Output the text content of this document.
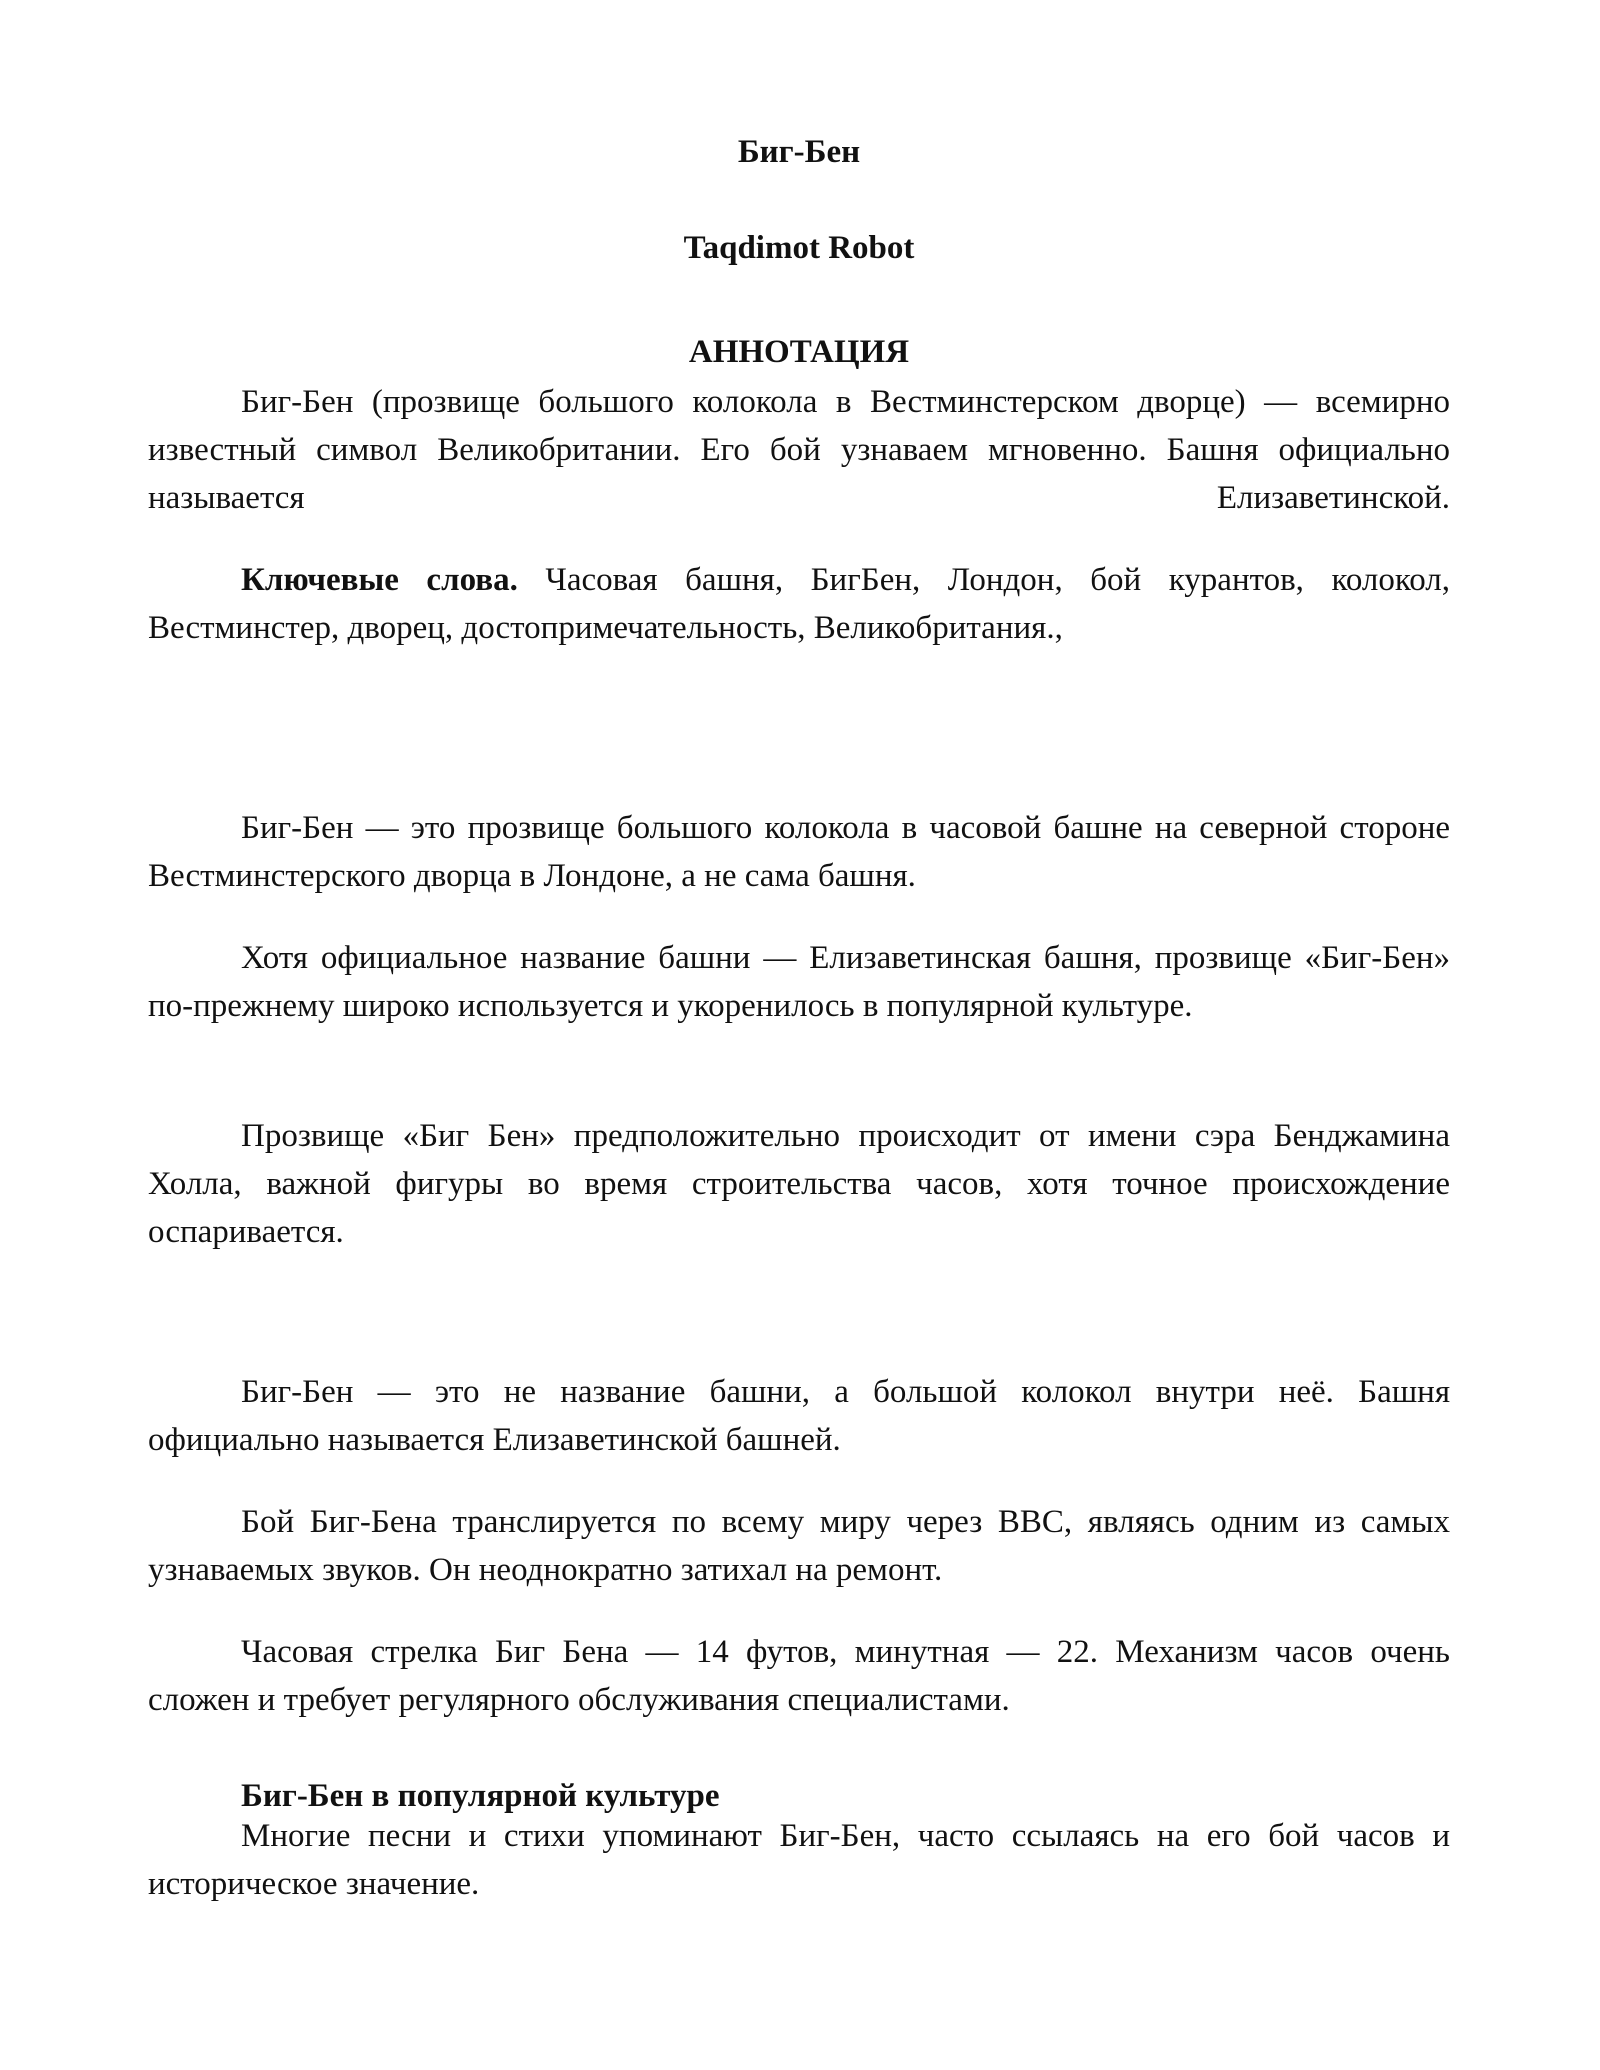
Биг-Бен
Taqdimot Robot
АННОТАЦИЯ

Биг-Бен (прозвище большого колокола в Вестминстерском дворце) — всемирно известный символ Великобритании. Его бой узнаваем мгновенно. Башня официально называется Елизаветинской.

Ключевые слова. Часовая башня, БигБен, Лондон, бой курантов, колокол, Вестминстер, дворец, достопримечательность, Великобритания.,

Биг-Бен — это прозвище большого колокола в часовой башне на северной стороне Вестминстерского дворца в Лондоне, а не сама башня.

Хотя официальное название башни — Елизаветинская башня, прозвище «Биг-Бен» по-прежнему широко используется и укоренилось в популярной культуре.

Прозвище «Биг Бен» предположительно происходит от имени сэра Бенджамина Холла, важной фигуры во время строительства часов, хотя точное происхождение оспаривается.

Биг-Бен — это не название башни, а большой колокол внутри неё. Башня официально называется Елизаветинской башней.

Бой Биг-Бена транслируется по всему миру через BBC, являясь одним из самых узнаваемых звуков. Он неоднократно затихал на ремонт.

Часовая стрелка Биг Бена — 14 футов, минутная — 22. Механизм часов очень сложен и требует регулярного обслуживания специалистами.

Биг-Бен в популярной культуре

Многие песни и стихи упоминают Биг-Бен, часто ссылаясь на его бой часов и историческое значение.
